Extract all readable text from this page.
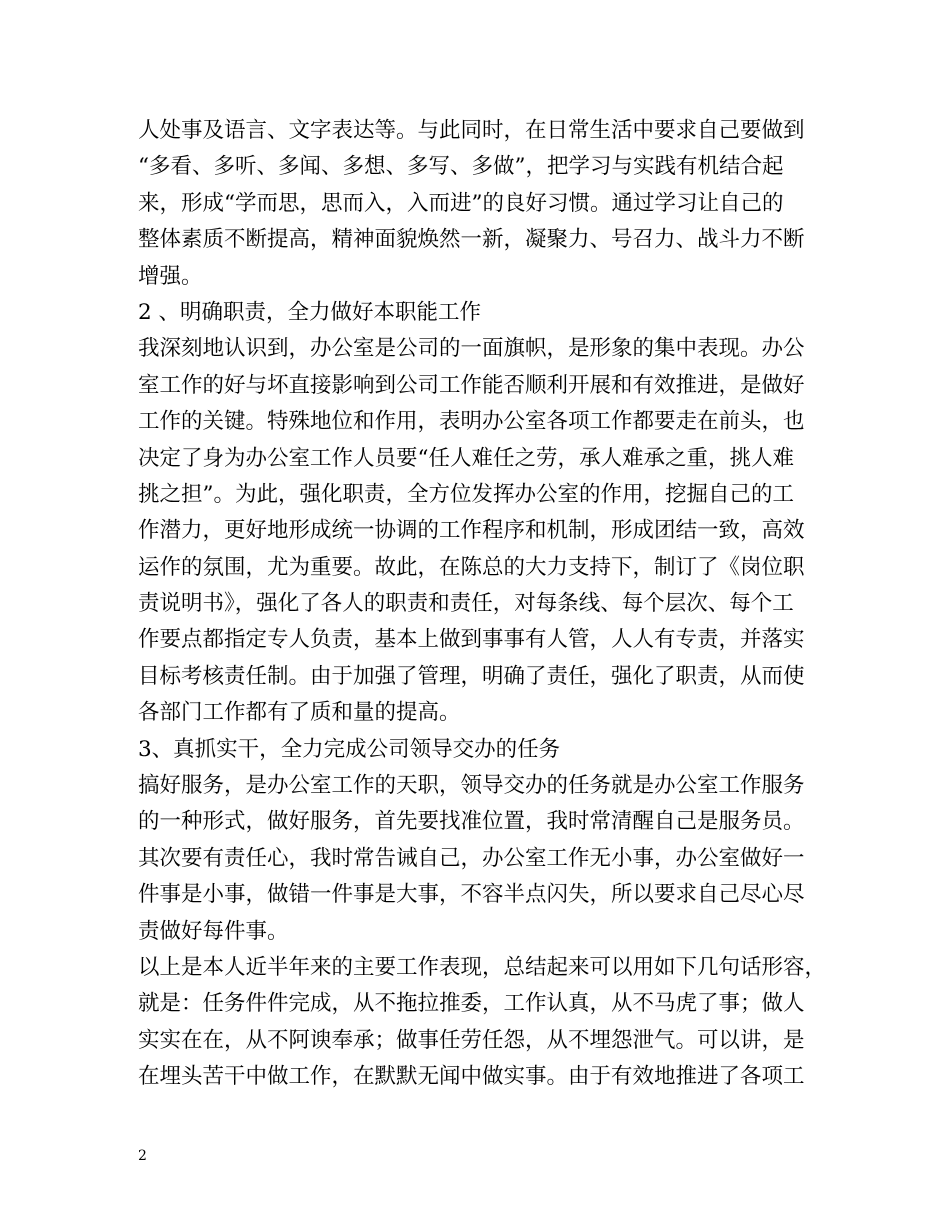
人处事及语言、文字表达等。与此同时，在日常生活中要求自己要做到
“多看、多听、多闻、多想、多写、多做”，把学习与实践有机结合起
来，形成“学而思，思而入，入而进”的良好习惯。通过学习让自己的
整体素质不断提高，精神面貌焕然一新，凝聚力、号召力、战斗力不断
增强。
2 、明确职责，全力做好本职能工作
我深刻地认识到，办公室是公司的一面旗帜，是形象的集中表现。办公
室工作的好与坏直接影响到公司工作能否顺利开展和有效推进，是做好
工作的关键。特殊地位和作用，表明办公室各项工作都要走在前头，也
决定了身为办公室工作人员要“任人难任之劳，承人难承之重，挑人难
挑之担”。为此，强化职责，全方位发挥办公室的作用，挖掘自己的工
作潜力，更好地形成统一协调的工作程序和机制，形成团结一致，高效
运作的氛围，尤为重要。故此，在陈总的大力支持下，制订了《岗位职
责说明书》，强化了各人的职责和责任，对每条线、每个层次、每个工
作要点都指定专人负责，基本上做到事事有人管，人人有专责，并落实
目标考核责任制。由于加强了管理，明确了责任，强化了职责，从而使
各部门工作都有了质和量的提高。
3、真抓实干，全力完成公司领导交办的任务
搞好服务，是办公室工作的天职，领导交办的任务就是办公室工作服务
的一种形式，做好服务，首先要找准位置，我时常清醒自己是服务员。
其次要有责任心，我时常告诫自己，办公室工作无小事，办公室做好一
件事是小事，做错一件事是大事，不容半点闪失，所以要求自己尽心尽
责做好每件事。
以上是本人近半年来的主要工作表现，总结起来可以用如下几句话形容，
就是：任务件件完成，从不拖拉推委，工作认真，从不马虎了事；做人
实实在在，从不阿谀奉承；做事任劳任怨，从不埋怨泄气。可以讲，是
在埋头苦干中做工作，在默默无闻中做实事。由于有效地推进了各项工
2
